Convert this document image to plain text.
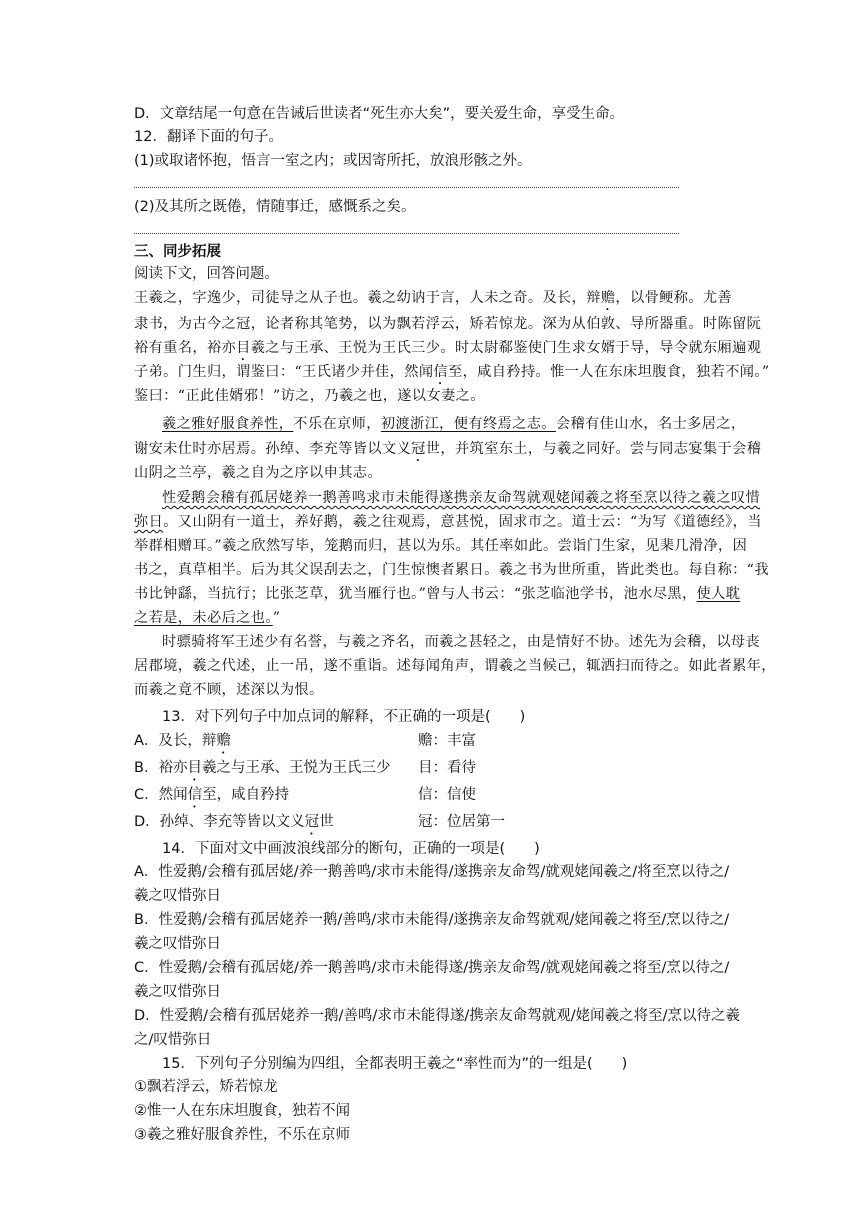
D．文章结尾一句意在告诫后世读者“死生亦大矣”，要关爱生命，享受生命。
12．翻译下面的句子。
(1)或取诸怀抱，悟言一室之内；或因寄所托，放浪形骸之外。
(2)及其所之既倦，情随事迁，感慨系之矣。
三、同步拓展
阅读下文，回答问题。
王羲之，字逸少，司徒导之从子也。羲之幼讷于言，人未之奇。及长，辩赡，以骨鲠称。尤善
隶书，为古今之冠，论者称其笔势，以为飘若浮云，矫若惊龙。深为从伯敦、导所器重。时陈留阮
裕有重名，裕亦目羲之与王承、王悦为王氏三少。时太尉郗鉴使门生求女婿于导，导令就东厢遍观
子弟。门生归，谓鉴曰：“王氏诸少并佳，然闻信至，咸自矜持。惟一人在东床坦腹食，独若不闻。”
鉴曰：“正此佳婿邪！”访之，乃羲之也，遂以女妻之。
羲之雅好服食养性，不乐在京师，初渡浙江，便有终焉之志。会稽有佳山水，名士多居之，
谢安未仕时亦居焉。孙绰、李充等皆以文义冠世，并筑室东土，与羲之同好。尝与同志宴集于会稽
山阴之兰亭，羲之自为之序以申其志。
性爱鹅会稽有孤居姥养一鹅善鸣求市未能得遂携亲友命驾就观姥闻羲之将至烹以待之羲之叹惜
弥日。又山阴有一道士，养好鹅，羲之往观焉，意甚悦，固求市之。道士云：“为写《道德经》，当
举群相赠耳。”羲之欣然写毕，笼鹅而归，甚以为乐。其任率如此。尝诣门生家，见棐几滑净，因
书之，真草相半。后为其父误刮去之，门生惊懊者累日。羲之书为世所重，皆此类也。每自称：“我
书比钟繇，当抗行；比张芝草，犹当雁行也。”曾与人书云：“张芝临池学书，池水尽黑，使人耽
之若是，未必后之也。”
时骠骑将军王述少有名誉，与羲之齐名，而羲之甚轻之，由是情好不协。述先为会稽，以母丧
居郡境，羲之代述，止一吊，遂不重诣。述每闻角声，谓羲之当候己，辄洒扫而待之。如此者累年，
而羲之竟不顾，述深以为恨。
13．对下列句子中加点词的解释，不正确的一项是(　　)
A．及长，辩赡	赡：丰富
B．裕亦目羲之与王承、王悦为王氏三少 目：看待
C．然闻信至，咸自矜持	信：信使
D．孙绰、李充等皆以文义冠世	冠：位居第一
14．下面对文中画波浪线部分的断句，正确的一项是(　　)
A．性爱鹅/会稽有孤居姥/养一鹅善鸣/求市未能得/遂携亲友命驾/就观姥闻羲之/将至烹以待之/
羲之叹惜弥日
B．性爱鹅/会稽有孤居姥养一鹅/善鸣/求市未能得/遂携亲友命驾就观/姥闻羲之将至/烹以待之/
羲之叹惜弥日
C．性爱鹅/会稽有孤居姥/养一鹅善鸣/求市未能得遂/携亲友命驾/就观姥闻羲之将至/烹以待之/
羲之叹惜弥日
D．性爱鹅/会稽有孤居姥养一鹅/善鸣/求市未能得遂/携亲友命驾就观/姥闻羲之将至/烹以待之羲
之/叹惜弥日
15．下列句子分别编为四组，全都表明王羲之“率性而为”的一组是(　　)
①飘若浮云，矫若惊龙
②惟一人在东床坦腹食，独若不闻
③羲之雅好服食养性，不乐在京师
